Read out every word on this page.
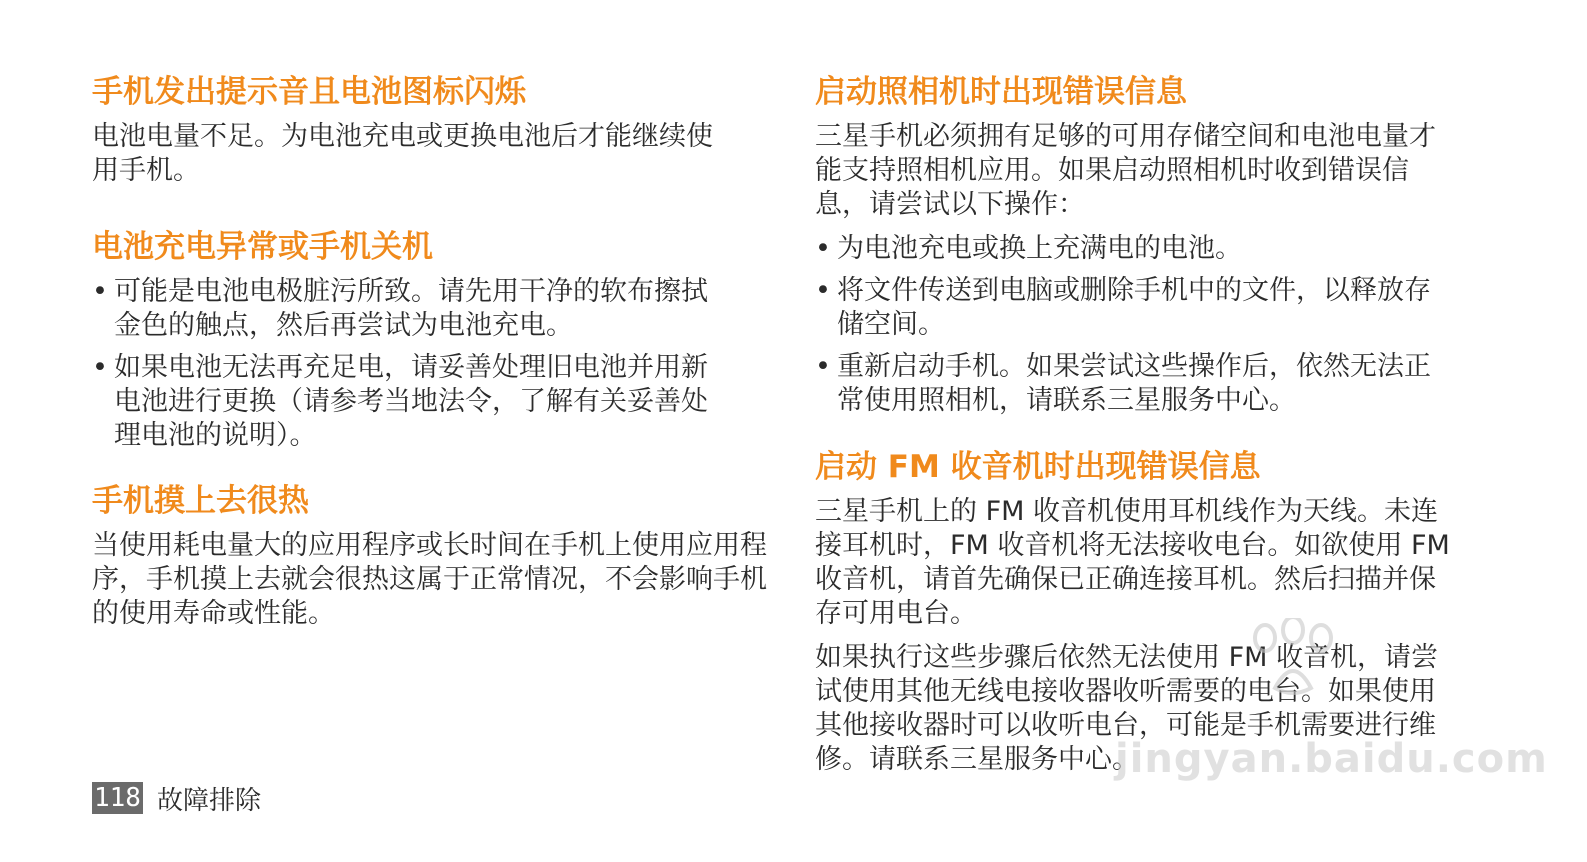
手机发出提示音且电池图标闪烁

电池电量不足。为电池充电或更换电池后才能继续使
用手机。

电池充电异常或手机关机
• 可能是电池电极脏污所致。请先用干净的软布擦拭
金色的触点，然后再尝试为电池充电。
• 如果电池无法再充足电，请妥善处理旧电池并用新
电池进行更换（请参考当地法令，了解有关妥善处
理电池的说明）。
手机摸上去很热

当使用耗电量大的应用程序或长时间在手机上使用应用程
序，手机摸上去就会很热这属于正常情况，不会影响手机
的使用寿命或性能。

启动照相机时出现错误信息

三星手机必须拥有足够的可用存储空间和电池电量才
能支持照相机应用。如果启动照相机时收到错误信
息，请尝试以下操作：

• 为电池充电或换上充满电的电池。
• 将文件传送到电脑或删除手机中的文件，以释放存
储空间。
• 重新启动手机。如果尝试这些操作后，依然无法正
常使用照相机，请联系三星服务中心。
启动 FM 收音机时出现错误信息

三星手机上的 FM 收音机使用耳机线作为天线。未连
接耳机时，FM 收音机将无法接收电台。如欲使用 FM
收音机，请首先确保已正确连接耳机。然后扫描并保
存可用电台。

如果执行这些步骤后依然无法使用 FM 收音机，请尝
试使用其他无线电接收器收听需要的电台。如果使用
其他接收器时可以收听电台，可能是手机需要进行维
修。请联系三星服务中心。

118 故障排除
jingyan.baidu.com
